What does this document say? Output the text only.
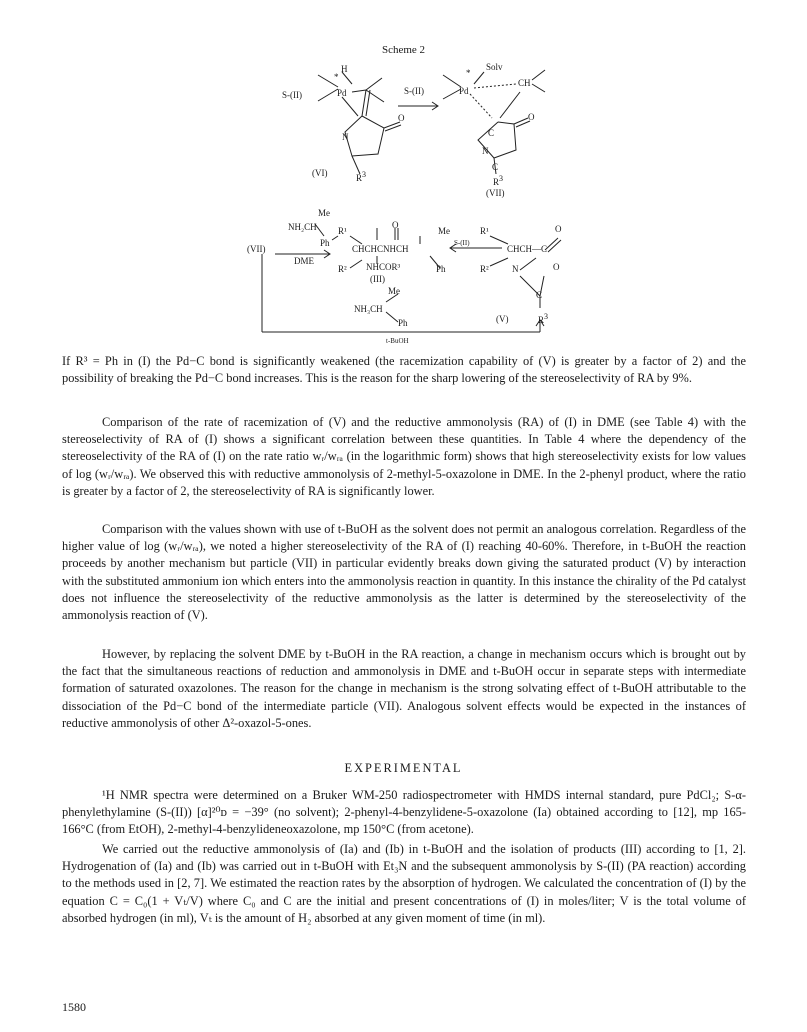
Scheme 2
S-(II)	Pd
*
H
O
N
$R^3$
(VI)
S-(II)	Pd
*
Solv
CH
C
O
N
C
$R^3$
(VII)
Me
NH₂CH
Ph
(VII)
DME
R¹
R²
O
CHCHCNHCH
Me
Ph
NHCOR³
(III)
S-(II)
R¹
R²
CHCH—C
O
N	O
C
$R^3$
(V)
Me
NH₃CH
Ph
t-BuOH

If R³ = Ph in (I) the Pd−C bond is significantly weakened (the racemization capability of (V) is greater by a factor of 2) and the possibility of breaking the Pd−C bond increases. This is the reason for the sharp lowering of the stereoselectivity of RA by 9%.

Comparison of the rate of racemization of (V) and the reductive ammonolysis (RA) of (I) in DME (see Table 4) with the stereoselectivity of RA of (I) shows a significant correlation between these quantities. In Table 4 where the dependency of the stereoselectivity of the RA of (I) on the rate ratio wᵣ/wᵣₐ (in the logarithmic form) shows that high stereoselectivity exists for low values of log (wᵣ/wᵣₐ). We observed this with reductive ammonolysis of 2-methyl-5-oxazolone in DME. In the 2-phenyl product, where the ratio is greater by a factor of 2, the stereoselectivity of RA is significantly lower.

Comparison with the values shown with use of t-BuOH as the solvent does not permit an analogous correlation. Regardless of the higher value of log (wᵣ/wᵣₐ), we noted a higher stereoselectivity of the RA of (I) reaching 40-60%. Therefore, in t-BuOH the reaction proceeds by another mechanism but particle (VII) in particular evidently breaks down giving the saturated product (V) by interaction with the substituted ammonium ion which enters into the ammonolysis reaction in quantity. In this instance the chirality of the Pd catalyst does not influence the stereoselectivity of the reductive ammonolysis as the latter is determined by the stereoselectivity of the ammonolysis reaction of (V).

However, by replacing the solvent DME by t-BuOH in the RA reaction, a change in mechanism occurs which is brought out by the fact that the simultaneous reactions of reduction and ammonolysis in DME and t-BuOH occur in separate steps with intermediate formation of saturated oxazolones. The reason for the change in mechanism is the strong solvating effect of t-BuOH attributable to the dissociation of the Pd−C bond of the intermediate particle (VII). Analogous solvent effects would be expected in the instances of reductive ammonolysis of other Δ²-oxazol-5-ones.

EXPERIMENTAL

¹H NMR spectra were determined on a Bruker WM-250 radiospectrometer with HMDS internal standard, pure PdCl₂; S-α-phenylethylamine (S-(II)) [α]²⁰ᴅ = −39° (no solvent); 2-phenyl-4-benzylidene-5-oxazolone (Ia) obtained according to [12], mp 165-166°C (from EtOH), 2-methyl-4-benzylideneoxazolone, mp 150°C (from acetone).

We carried out the reductive ammonolysis of (Ia) and (Ib) in t-BuOH and the isolation of products (III) according to [1, 2]. Hydrogenation of (Ia) and (Ib) was carried out in t-BuOH with Et₃N and the subsequent ammonolysis by S-(II) (PA reaction) according to the methods used in [2, 7]. We estimated the reaction rates by the absorption of hydrogen. We calculated the concentration of (I) by the equation C = C₀(1 + Vₜ/V) where C₀ and C are the initial and present concentrations of (I) in moles/liter; V is the total volume of absorbed hydrogen (in ml), Vₜ is the amount of H₂ absorbed at any given moment of time (in ml).

1580
